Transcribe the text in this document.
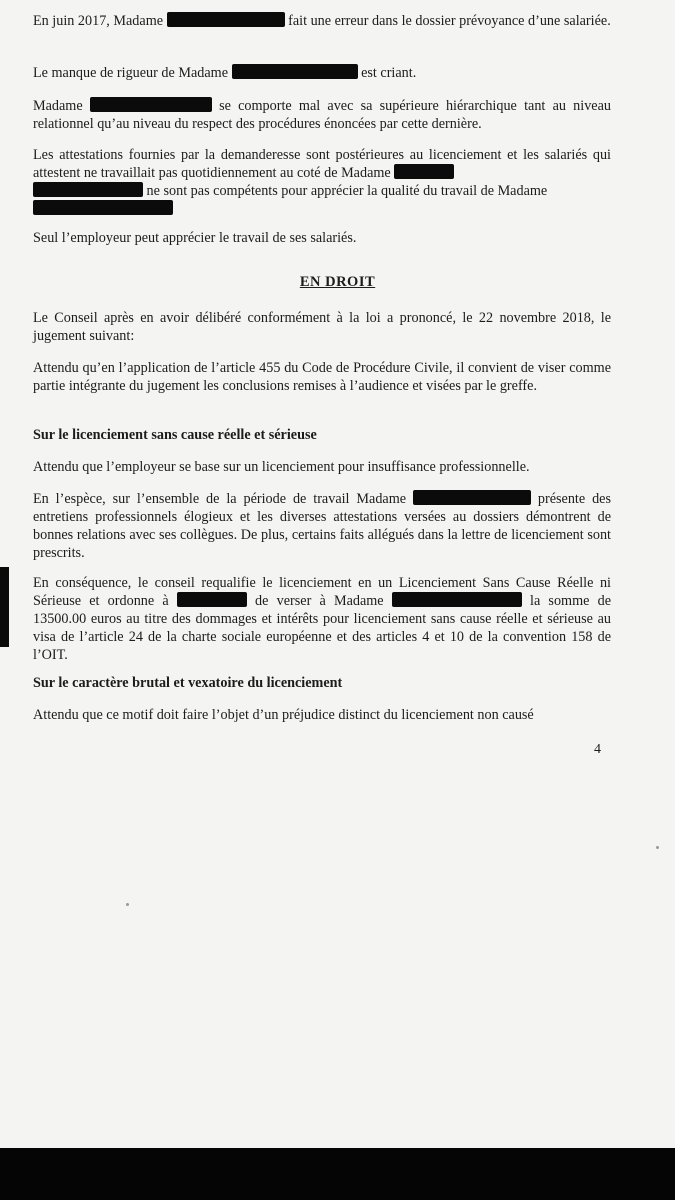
En juin 2017, Madame	fait une erreur dans le dossier prévoyance d’une salariée.

Le manque de rigueur de Madame	est criant.

Madame	se comporte mal avec sa supérieure hiérarchique tant au niveau relationnel qu’au niveau du respect des procédures énoncées par cette dernière.

Les attestations fournies par la demanderesse sont postérieures au licenciement et les salariés qui attestent ne travaillait pas quotidiennement au coté de Madame
ne sont pas compétents pour apprécier la qualité du travail de Madame

Seul l’employeur peut apprécier le travail de ses salariés.

EN DROIT

Le Conseil après en avoir délibéré conformément à la loi a prononcé, le 22 novembre 2018, le jugement suivant:

Attendu qu’en l’application de l’article 455 du Code de Procédure Civile, il convient de viser comme partie intégrante du jugement les conclusions remises à l’audience et visées par le greffe.

Sur le licenciement sans cause réelle et sérieuse

Attendu que l’employeur se base sur un licenciement pour insuffisance professionnelle.

En l’espèce, sur l’ensemble de la période de travail Madame	présente des entretiens professionnels élogieux et les diverses attestations versées au dossiers démontrent de bonnes relations avec ses collègues. De plus, certains faits allégués dans la lettre de licenciement sont prescrits.

En conséquence, le conseil requalifie le licenciement en un Licenciement Sans Cause Réelle ni Sérieuse et ordonne à	de verser à Madame	la somme de 13500.00 euros au titre des dommages et intérêts pour licenciement sans cause réelle et sérieuse au visa de l’article 24 de la charte sociale européenne et des articles 4 et 10 de la convention 158 de l’OIT.

Sur le caractère brutal et vexatoire du licenciement

Attendu que ce motif doit faire l’objet d’un préjudice distinct du licenciement non causé

4
